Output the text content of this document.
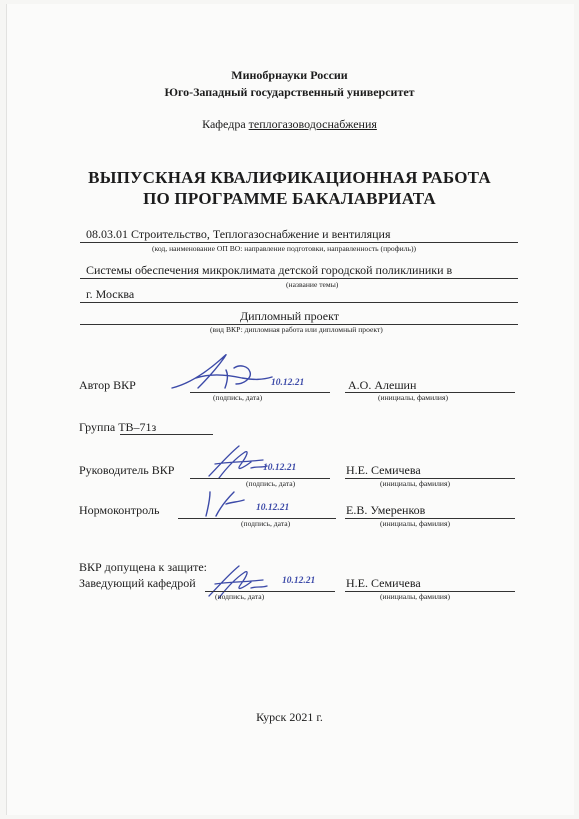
Минобрнауки России
Юго-Западный государственный университет
Кафедра теплогазоводоснабжения
ВЫПУСКНАЯ КВАЛИФИКАЦИОННАЯ РАБОТА
ПО ПРОГРАММЕ БАКАЛАВРИАТА
08.03.01 Строительство, Теплогазоснабжение и вентиляция
(код, наименование ОП ВО: направление подготовки, направленность (профиль))
Системы обеспечения микроклимата детской городской поликлиники в
(название темы)
г. Москва
Дипломный проект
(вид ВКР: дипломная работа или дипломный проект)
Автор ВКР	10.12.21
(подпись, дата)
А.О. Алешин
(инициалы, фамилия)
Группа ТВ–71з
Руководитель ВКР	10.12.21
(подпись, дата)
Н.Е. Семичева
(инициалы, фамилия)
Нормоконтроль	10.12.21
(подпись, дата)
Е.В. Умеренков
(инициалы, фамилия)
ВКР допущена к защите:
Заведующий кафедрой	10.12.21
(подпись, дата)
Н.Е. Семичева
(инициалы, фамилия)
Курск 2021 г.
